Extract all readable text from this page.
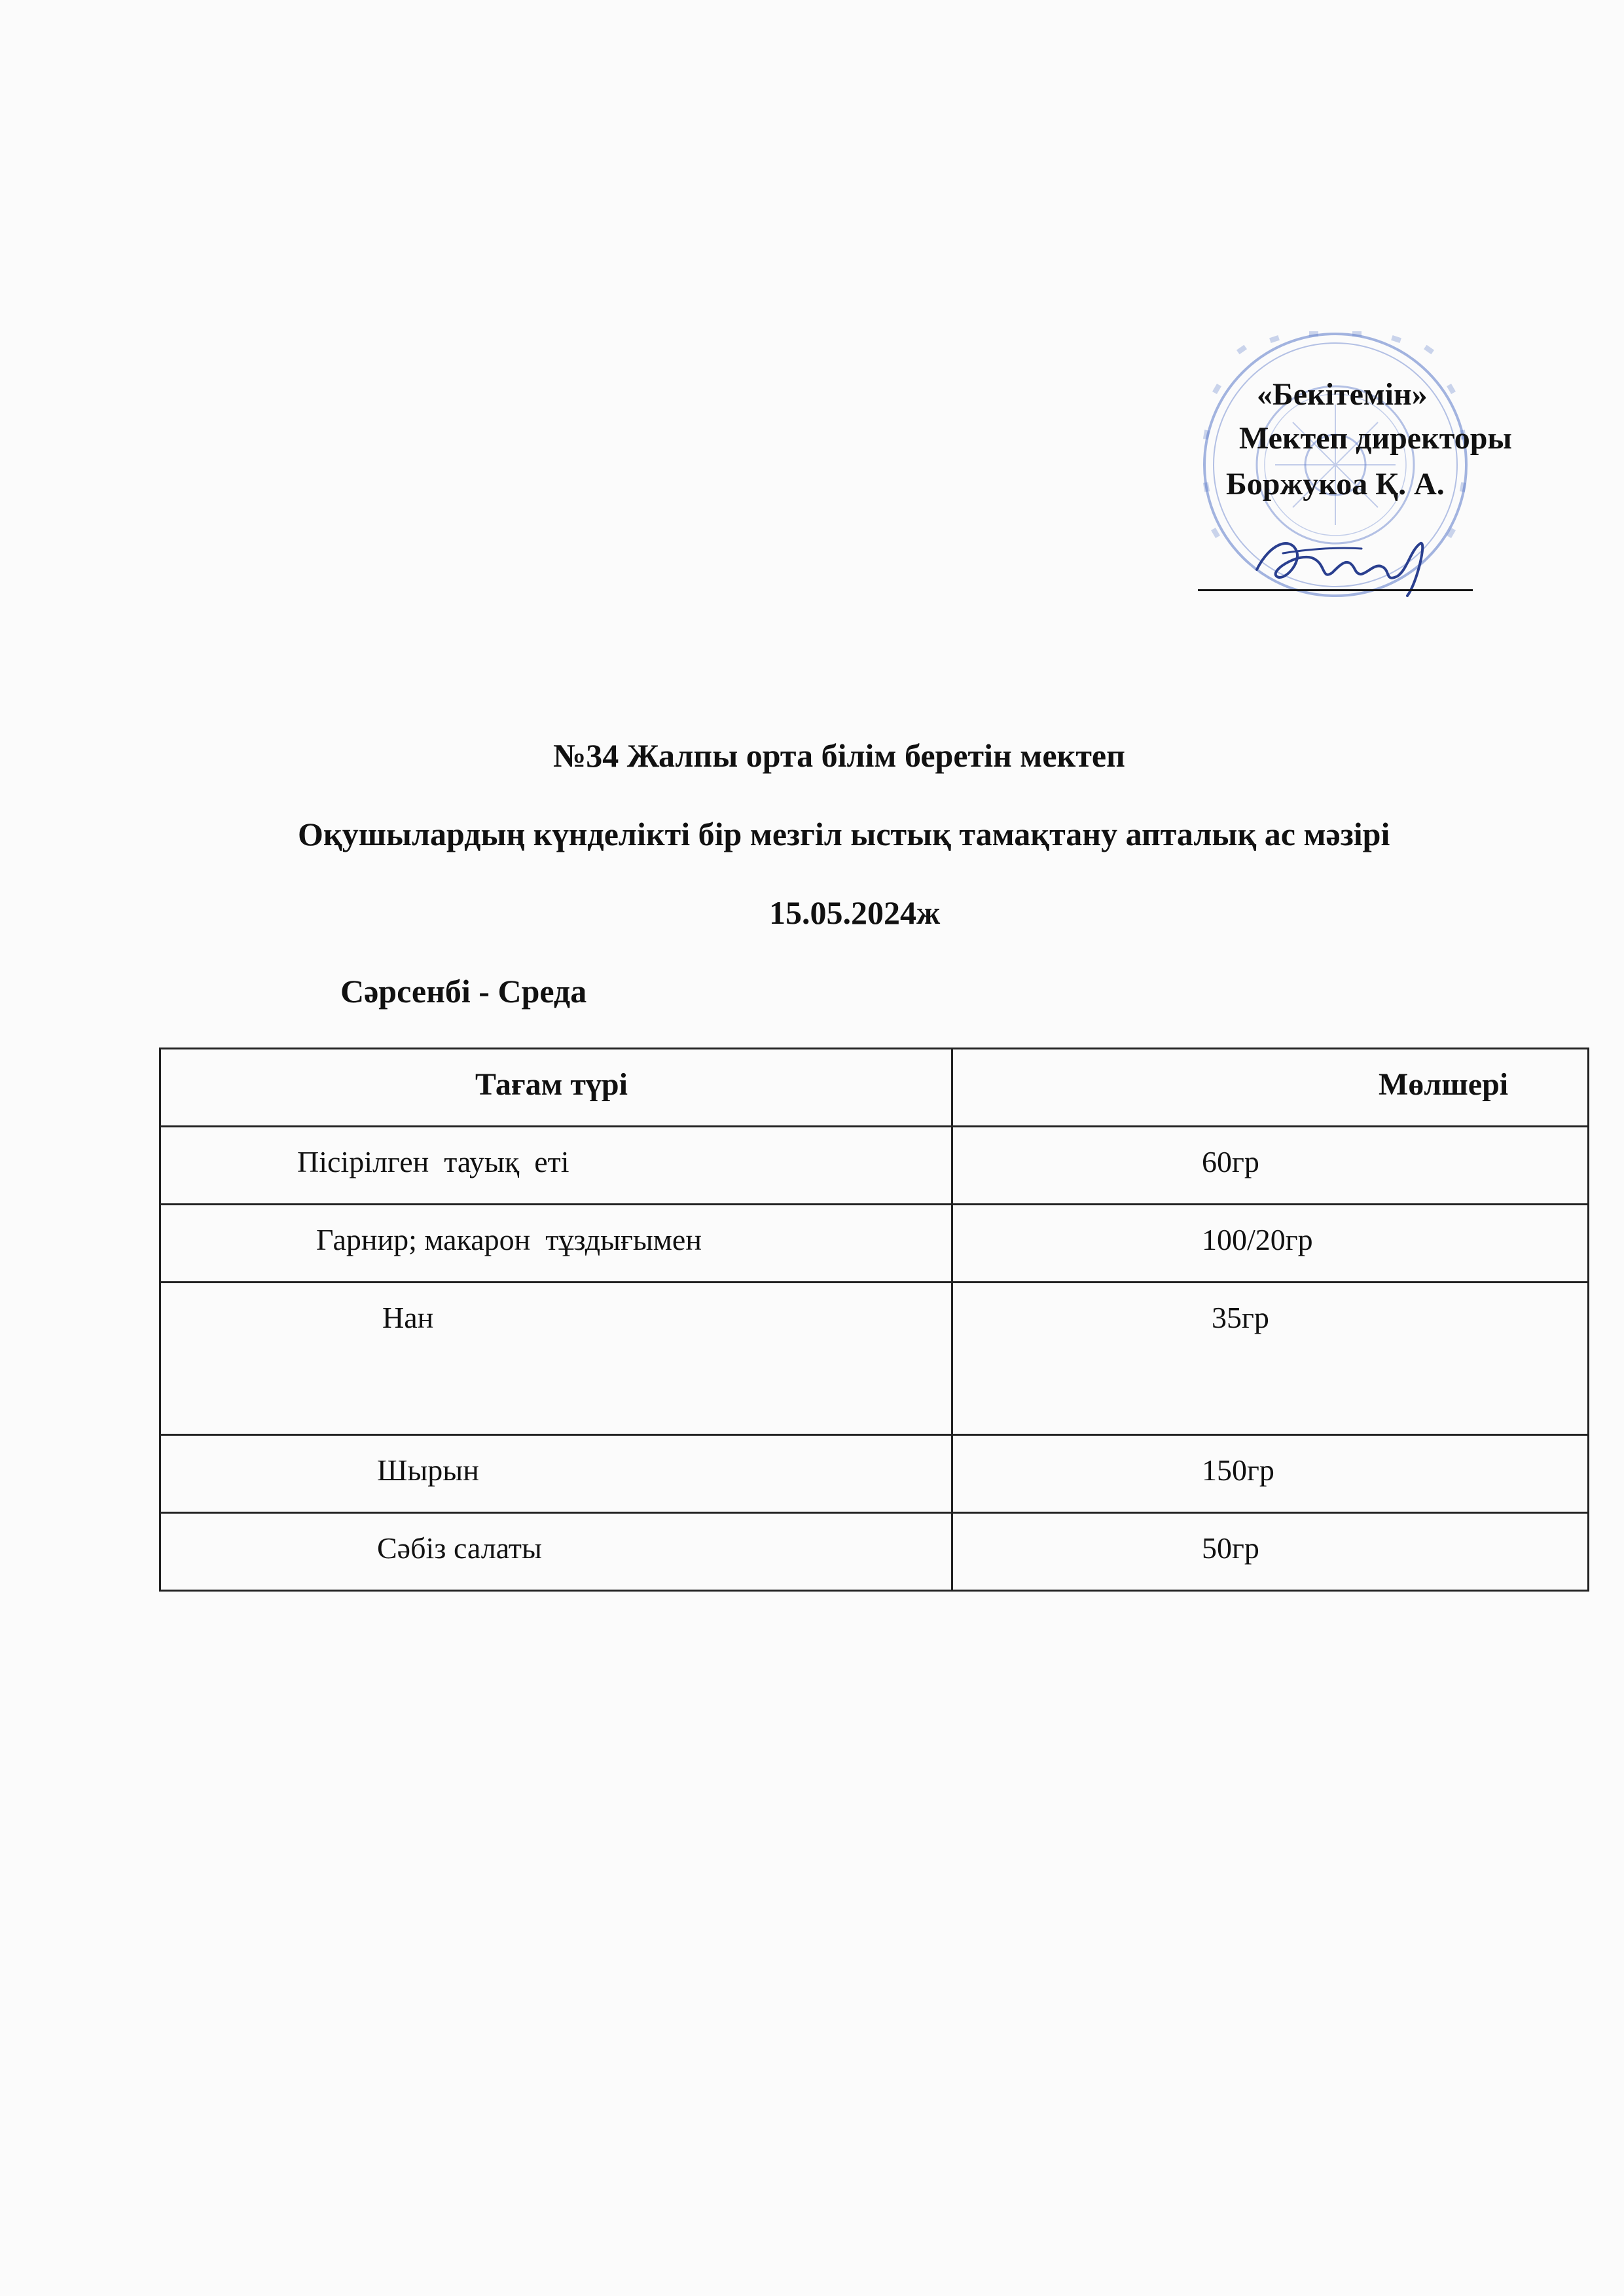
«Бекітемін»
Мектеп директоры
Боржукоа Қ. А.
№34 Жалпы орта білім беретін мектеп
Оқушылардың күнделікті бір мезгіл ыстық тамақтану апталық ас мәзірі
15.05.2024ж
Сәрсенбі - Среда
Тағам түрі	Мөлшері

Пісірілген  тауық  еті	60гр

Гарнир; макарон  тұздығымен	100/20гр

Нан	35гр

Шырын	150гр

Сәбіз салаты	50гр
